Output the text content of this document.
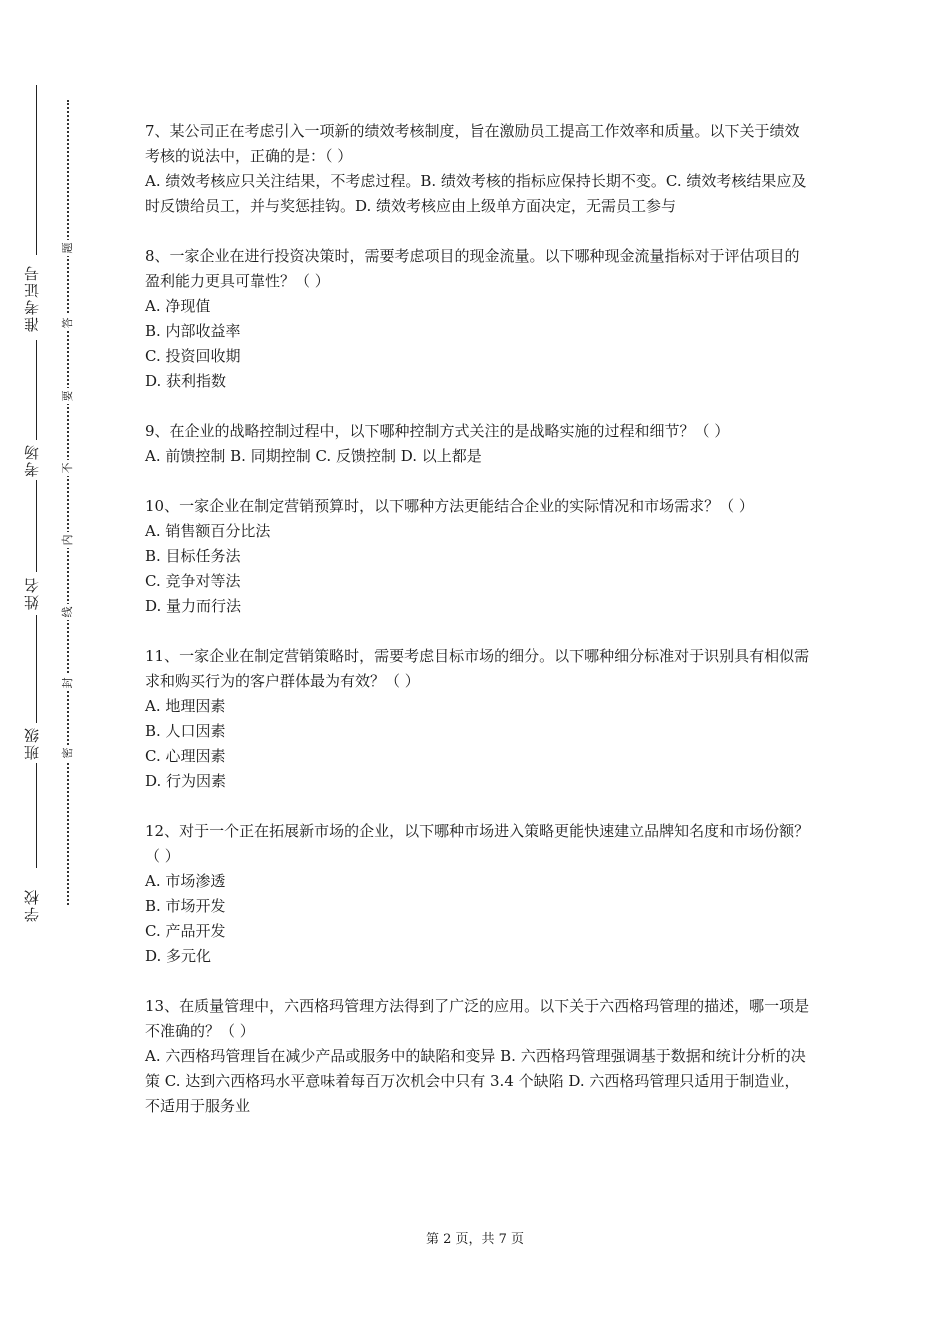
准考证号
考场
姓名
班级
学校
题
答
要
不
内
线
封
密

7、某公司正在考虑引入一项新的绩效考核制度，旨在激励员工提高工作效率和质量。以下关于绩效考核的说法中，正确的是：（ ）

A. 绩效考核应只关注结果，不考虑过程。B. 绩效考核的指标应保持长期不变。C. 绩效考核结果应及时反馈给员工，并与奖惩挂钩。D. 绩效考核应由上级单方面决定，无需员工参与

8、一家企业在进行投资决策时，需要考虑项目的现金流量。以下哪种现金流量指标对于评估项目的盈利能力更具可靠性？（ ）

A. 净现值

B. 内部收益率

C. 投资回收期

D. 获利指数

9、在企业的战略控制过程中，以下哪种控制方式关注的是战略实施的过程和细节？（ ）

A. 前馈控制 B. 同期控制 C. 反馈控制 D. 以上都是

10、一家企业在制定营销预算时，以下哪种方法更能结合企业的实际情况和市场需求？（ ）

A. 销售额百分比法

B. 目标任务法

C. 竞争对等法

D. 量力而行法

11、一家企业在制定营销策略时，需要考虑目标市场的细分。以下哪种细分标准对于识别具有相似需求和购买行为的客户群体最为有效？（ ）

A. 地理因素

B. 人口因素

C. 心理因素

D. 行为因素

12、对于一个正在拓展新市场的企业，以下哪种市场进入策略更能快速建立品牌知名度和市场份额？（ ）

A. 市场渗透

B. 市场开发

C. 产品开发

D. 多元化

13、在质量管理中，六西格玛管理方法得到了广泛的应用。以下关于六西格玛管理的描述，哪一项是不准确的？（ ）

A. 六西格玛管理旨在减少产品或服务中的缺陷和变异 B. 六西格玛管理强调基于数据和统计分析的决策 C. 达到六西格玛水平意味着每百万次机会中只有 3.4 个缺陷 D. 六西格玛管理只适用于制造业，不适用于服务业

第 2 页，共 7 页
